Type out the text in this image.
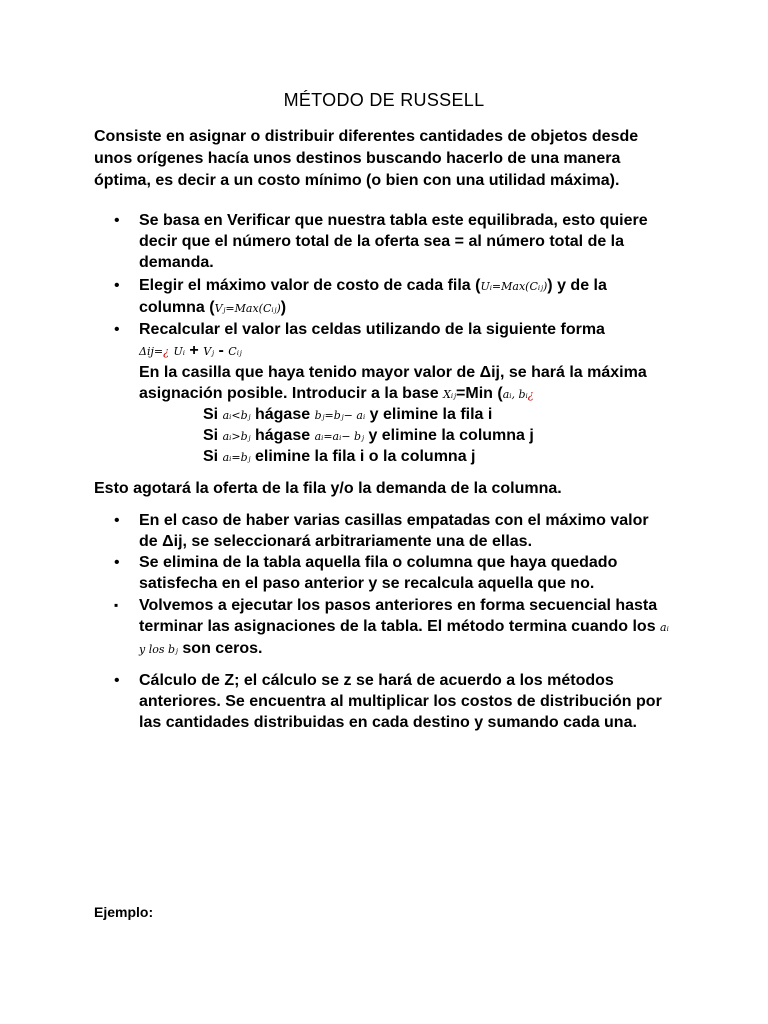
MÉTODO DE RUSSELL
Consiste en asignar o distribuir diferentes cantidades de objetos desde unos orígenes hacía unos destinos buscando hacerlo de una manera óptima, es decir a un costo mínimo (o bien con una utilidad máxima).
• Se basa en Verificar que nuestra tabla este equilibrada, esto quiere decir que el número total de la oferta sea = al número total de la demanda.
• Elegir el máximo valor de costo de cada fila (Uᵢ=Max(Cᵢⱼ)) y de la columna (Vⱼ=Max(Cᵢⱼ))
• Recalcular el valor las celdas utilizando de la siguiente forma
Δij=¿ Uᵢ + Vⱼ - Cᵢⱼ
En la casilla que haya tenido mayor valor de Δij, se hará la máxima asignación posible. Introducir a la base Xᵢⱼ=Min (aᵢ, bᵢ¿
Si aᵢ<bⱼ hágase bⱼ=bⱼ− aᵢ y elimine la fila i
Si aᵢ>bⱼ hágase aᵢ=aᵢ− bⱼ y elimine la columna j
Si aᵢ=bⱼ elimine la fila i o la columna j
Esto agotará la oferta de la fila y/o la demanda de la columna.
• En el caso de haber varias casillas empatadas con el máximo valor de Δij, se seleccionará arbitrariamente una de ellas.
• Se elimina de la tabla aquella fila o columna que haya quedado satisfecha en el paso anterior y se recalcula aquella que no.
▪ Volvemos a ejecutar los pasos anteriores en forma secuencial hasta terminar las asignaciones de la tabla. El método termina cuando los aᵢ y los bⱼ son ceros.
• Cálculo de Z; el cálculo se z se hará de acuerdo a los métodos anteriores. Se encuentra al multiplicar los costos de distribución por las cantidades distribuidas en cada destino y sumando cada una.
Ejemplo:
